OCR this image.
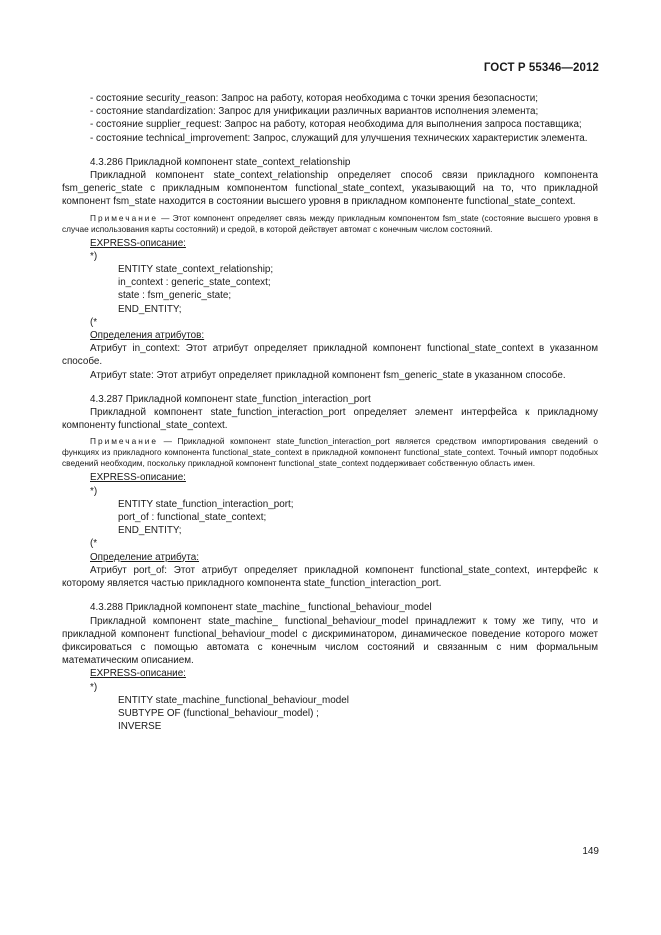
ГОСТ Р 55346—2012

- состояние security_reason: Запрос на работу, которая необходима с точки зрения безопасности;

- состояние standardization: Запрос для унификации различных вариантов исполнения элемента;

- состояние supplier_request: Запрос на работу, которая необходима для выполнения запроса поставщика;

- состояние technical_improvement: Запрос, служащий для улучшения технических характеристик элемента.

4.3.286 Прикладной компонент state_context_relationship

Прикладной компонент state_context_relationship определяет способ связи прикладного компонента fsm_generic_state с прикладным компонентом functional_state_context, указывающий на то, что прикладной компонент fsm_state находится в состоянии высшего уровня в прикладном компоненте functional_state_context.

Примечание — Этот компонент определяет связь между прикладным компонентом fsm_state (состояние высшего уровня в случае использования карты состояний) и средой, в которой действует автомат с конечным числом состояний.

EXPRESS-описание:

*)

ENTITY state_context_relationship;

in_context : generic_state_context;

state : fsm_generic_state;

END_ENTITY;

(*

Определения атрибутов:

Атрибут in_context: Этот атрибут определяет прикладной компонент functional_state_context в указанном способе.

Атрибут state: Этот атрибут определяет прикладной компонент fsm_generic_state в указанном способе.

4.3.287 Прикладной компонент state_function_interaction_port

Прикладной компонент state_function_interaction_port определяет элемент интерфейса к прикладному компоненту functional_state_context.

Примечание — Прикладной компонент state_function_interaction_port является средством импортирования сведений о функциях из прикладного компонента functional_state_context в прикладной компонент functional_state_context. Точный импорт подобных сведений необходим, поскольку прикладной компонент functional_state_context поддерживает собственную область имен.

EXPRESS-описание:

*)

ENTITY state_function_interaction_port;

port_of : functional_state_context;

END_ENTITY;

(*

Определение атрибута:

Атрибут port_of: Этот атрибут определяет прикладной компонент functional_state_context, интерфейс к которому является частью прикладного компонента state_function_interaction_port.

4.3.288 Прикладной компонент state_machine_ functional_behaviour_model

Прикладной компонент state_machine_ functional_behaviour_model принадлежит к тому же типу, что и прикладной компонент functional_behaviour_model с дискриминатором, динамическое поведение которого может фиксироваться с помощью автомата с конечным числом состояний и связанным с ним формальным математическим описанием.

EXPRESS-описание:

*)

ENTITY state_machine_functional_behaviour_model

SUBTYPE OF (functional_behaviour_model) ;

INVERSE

149
